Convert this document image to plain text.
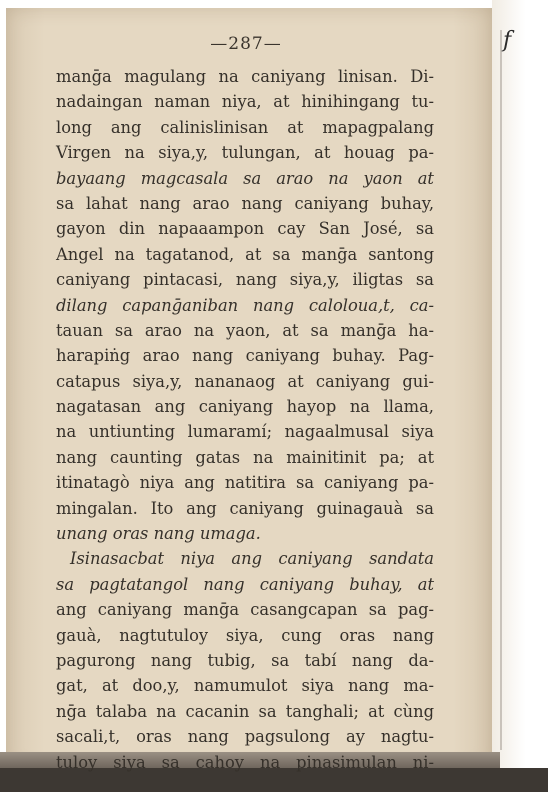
f
—287—
manḡa magulang na caniyang linisan. Di-
nadaingan naman niya, at hinihingang tu-
long ang calinislinisan at mapagpalang
Virgen na siya,y, tulungan, at houag pa-
bayaang magcasala sa arao na yaon at
sa lahat nang arao nang caniyang buhay,
gayon din napaaampon cay San José, sa
Angel na tagatanod, at sa manḡa santong
caniyang pintacasi, nang siya,y, iligtas sa
dilang capanḡaniban nang caloloua,t, ca-
tauan sa arao na yaon, at sa manḡa ha-
harapiṅg arao nang caniyang buhay. Pag-
catapus siya,y, nananaog at caniyang gui-
nagatasan ang caniyang hayop na llama,
na untiunting lumaramí; nagaalmusal siya
nang caunting gatas na mainitinit pa; at
itinatagò niya ang natitira sa caniyang pa-
mingalan. Ito ang caniyang guinagauà sa
unang oras nang umaga.
Isinasacbat niya ang caniyang sandata
sa pagtatangol nang caniyang buhay, at
ang caniyang manḡa casangcapan sa pag-
gauà, nagtutuloy siya, cung oras nang
pagurong nang tubig, sa tabí nang da-
gat, at doo,y, namumulot siya nang ma-
nḡa talaba na cacanin sa tanghali; at cùng
sacali,t, oras nang pagsulong ay nagtu-
tuloy siya sa cahoy na pinasimulan ni-
